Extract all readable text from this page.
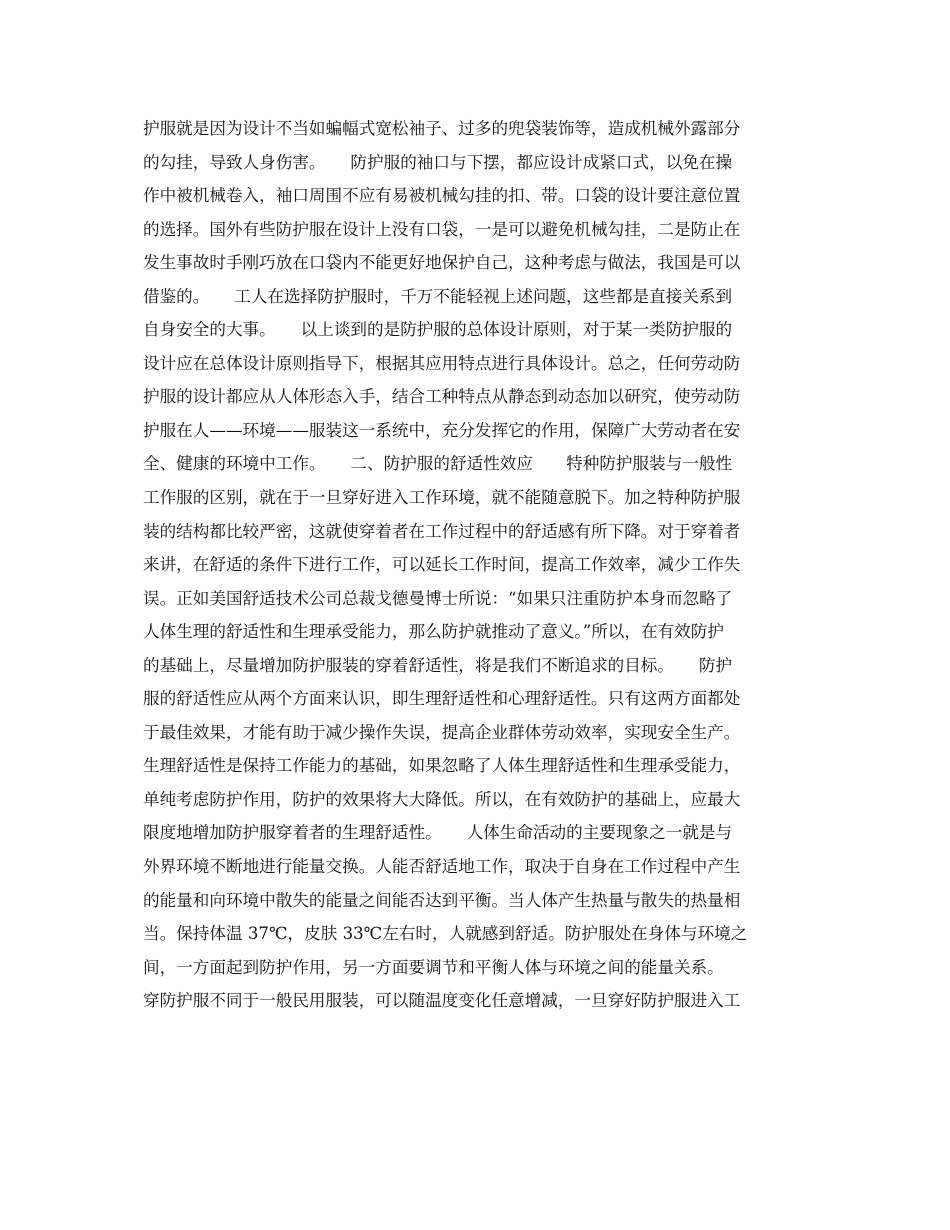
护服就是因为设计不当如蝙幅式宽松袖子、过多的兜袋装饰等，造成机械外露部分
的勾挂，导致人身伤害。　　防护服的袖口与下摆，都应设计成紧口式，以免在操
作中被机械卷入，袖口周围不应有易被机械勾挂的扣、带。口袋的设计要注意位置
的选择。国外有些防护服在设计上没有口袋，一是可以避免机械勾挂，二是防止在
发生事故时手刚巧放在口袋内不能更好地保护自己，这种考虑与做法，我国是可以
借鉴的。　　工人在选择防护服时，千万不能轻视上述问题，这些都是直接关系到
自身安全的大事。　　以上谈到的是防护服的总体设计原则，对于某一类防护服的
设计应在总体设计原则指导下，根据其应用特点进行具体设计。总之，任何劳动防
护服的设计都应从人体形态入手，结合工种特点从静态到动态加以研究，使劳动防
护服在人——环境——服装这一系统中，充分发挥它的作用，保障广大劳动者在安
全、健康的环境中工作。　　二、防护服的舒适性效应　　特种防护服装与一般性
工作服的区别，就在于一旦穿好进入工作环境，就不能随意脱下。加之特种防护服
装的结构都比较严密，这就使穿着者在工作过程中的舒适感有所下降。对于穿着者
来讲，在舒适的条件下进行工作，可以延长工作时间，提高工作效率，减少工作失
误。正如美国舒适技术公司总裁戈德曼博士所说：“如果只注重防护本身而忽略了
人体生理的舒适性和生理承受能力，那么防护就推动了意义。”所以，在有效防护
的基础上，尽量增加防护服装的穿着舒适性，将是我们不断追求的目标。　　防护
服的舒适性应从两个方面来认识，即生理舒适性和心理舒适性。只有这两方面都处
于最佳效果，才能有助于减少操作失误，提高企业群体劳动效率，实现安全生产。
生理舒适性是保持工作能力的基础，如果忽略了人体生理舒适性和生理承受能力，
单纯考虑防护作用，防护的效果将大大降低。所以，在有效防护的基础上，应最大
限度地增加防护服穿着者的生理舒适性。　　人体生命活动的主要现象之一就是与
外界环境不断地进行能量交换。人能否舒适地工作，取决于自身在工作过程中产生
的能量和向环境中散失的能量之间能否达到平衡。当人体产生热量与散失的热量相
当。保持体温 37℃，皮肤 33℃左右时，人就感到舒适。防护服处在身体与环境之
间，一方面起到防护作用，另一方面要调节和平衡人体与环境之间的能量关系。
穿防护服不同于一般民用服装，可以随温度变化任意增减，一旦穿好防护服进入工
